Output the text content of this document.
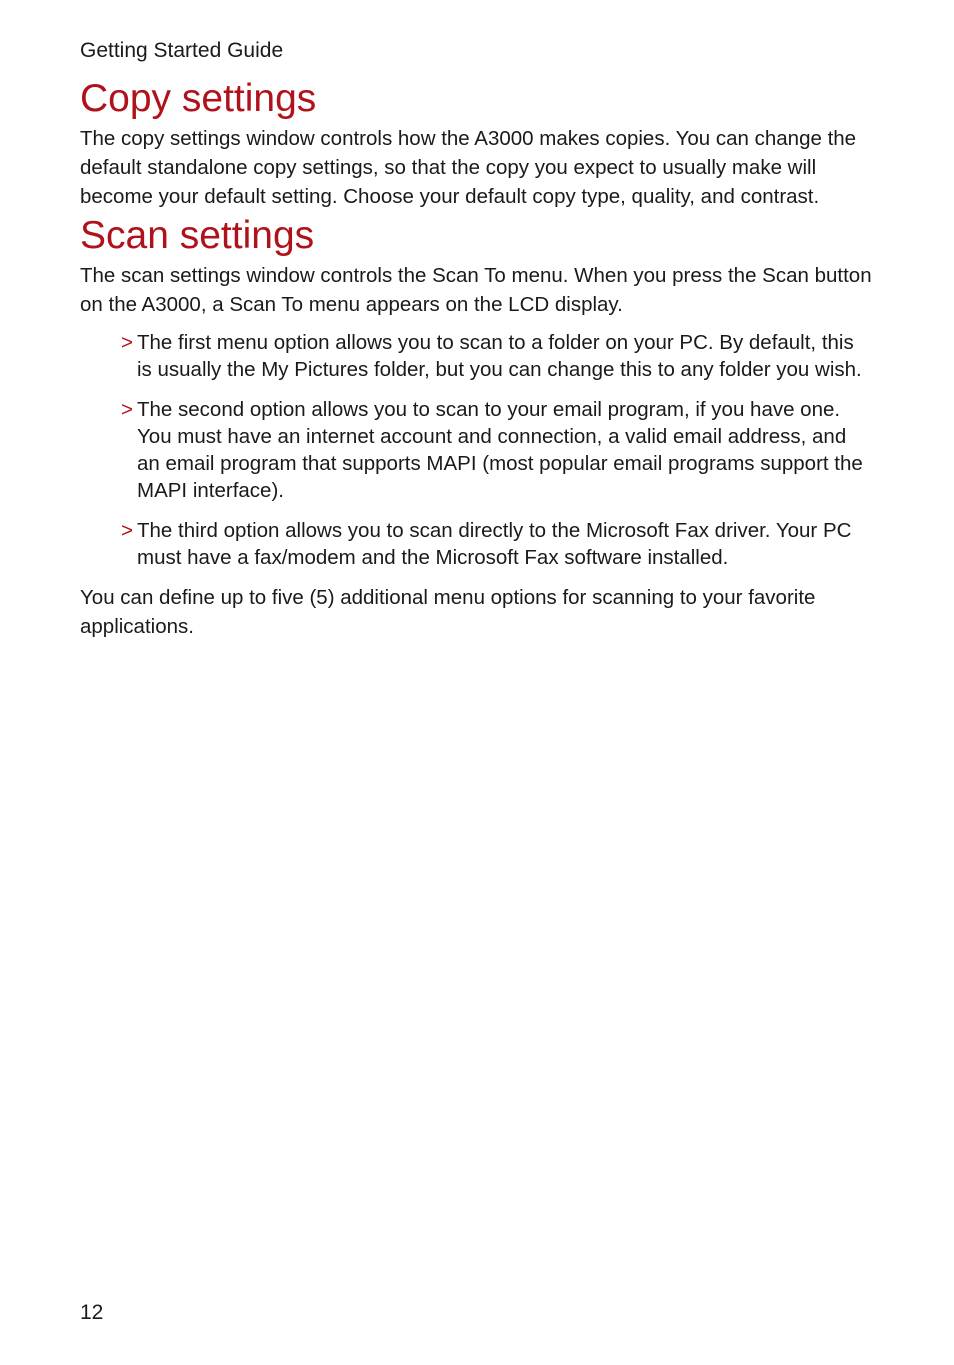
Getting Started Guide
Copy settings

The copy settings window controls how the A3000 makes copies. You can change the default standalone copy settings, so that the copy you expect to usually make will become your default setting. Choose your default copy type, quality, and contrast.

Scan settings

The scan settings window controls the Scan To menu. When you press the Scan button on the A3000, a Scan To menu appears on the LCD display.

> The first menu option allows you to scan to a folder on your PC. By default, this is usually the My Pictures folder, but you can change this to any folder you wish.
> The second option allows you to scan to your email program, if you have one. You must have an internet account and connection, a valid email address, and an email program that supports MAPI (most popular email programs support the MAPI interface).
> The third option allows you to scan directly to the Microsoft Fax driver. Your PC must have a fax/modem and the Microsoft Fax software installed.

You can define up to five (5) additional menu options for scanning to your favorite applications.

12
